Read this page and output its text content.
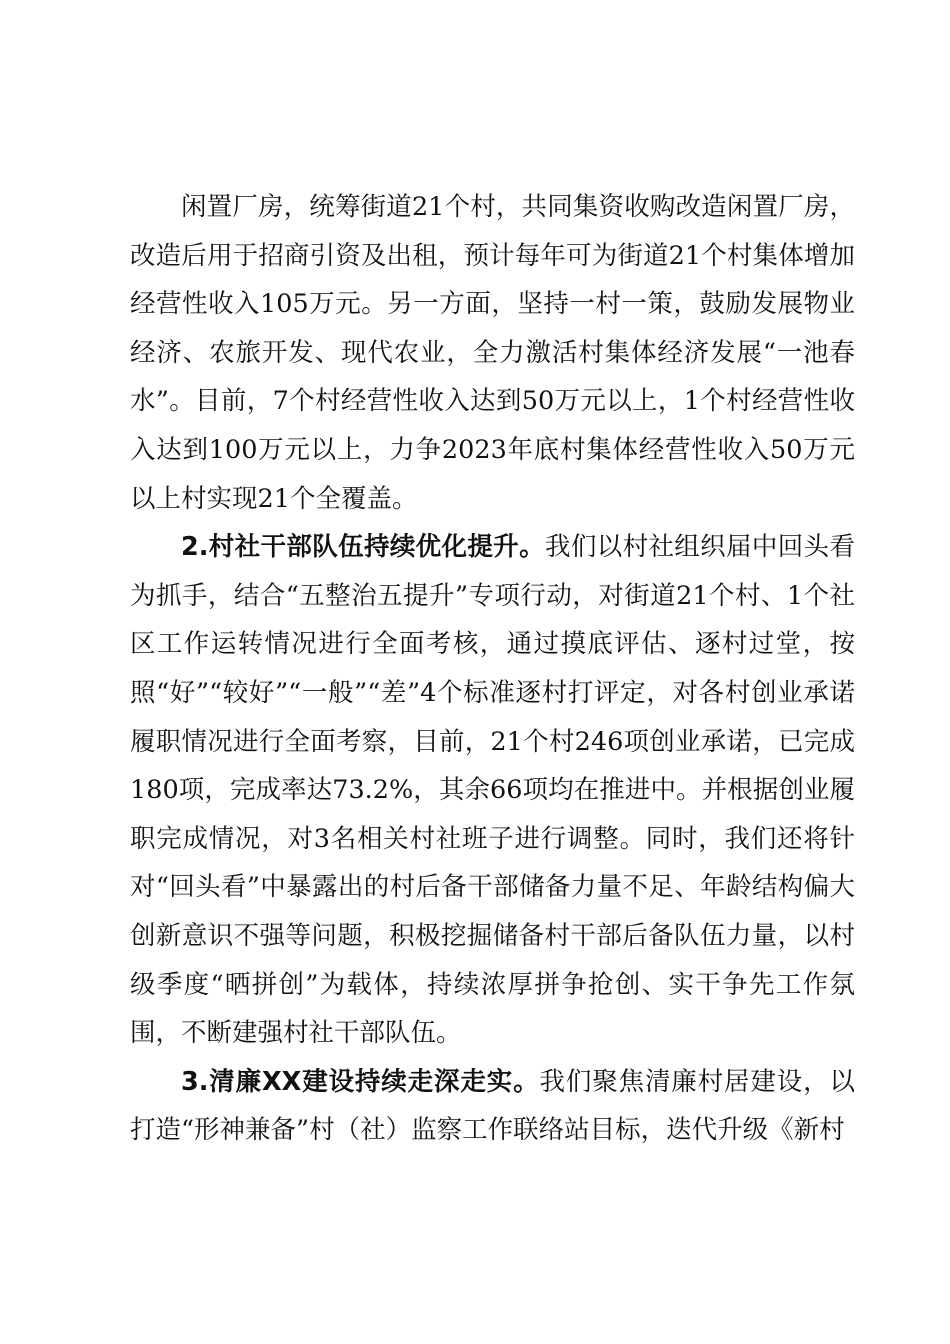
闲置厂房，统筹街道21个村，共同集资收购改造闲置厂房，改造后用于招商引资及出租，预计每年可为街道21个村集体增加经营性收入105万元。另一方面，坚持一村一策，鼓励发展物业经济、农旅开发、现代农业，全力激活村集体经济发展“一池春水”。目前，7个村经营性收入达到50万元以上，1个村经营性收入达到100万元以上，力争2023年底村集体经营性收入50万元以上村实现21个全覆盖。

2.村社干部队伍持续优化提升。我们以村社组织届中回头看为抓手，结合“五整治五提升”专项行动，对街道21个村、1个社区工作运转情况进行全面考核，通过摸底评估、逐村过堂，按照“好”“较好”“一般”“差”4个标准逐村打评定，对各村创业承诺履职情况进行全面考察，目前，21个村246项创业承诺，已完成180项，完成率达73.2%，其余66项均在推进中。并根据创业履职完成情况，对3名相关村社班子进行调整。同时，我们还将针对“回头看”中暴露出的村后备干部储备力量不足、年龄结构偏大创新意识不强等问题，积极挖掘储备村干部后备队伍力量，以村级季度“晒拼创”为载体，持续浓厚拼争抢创、实干争先工作氛围，不断建强村社干部队伍。

3.清廉XX建设持续走深走实。我们聚焦清廉村居建设，以打造“形神兼备”村（社）监察工作联络站目标，迭代升级《新村
